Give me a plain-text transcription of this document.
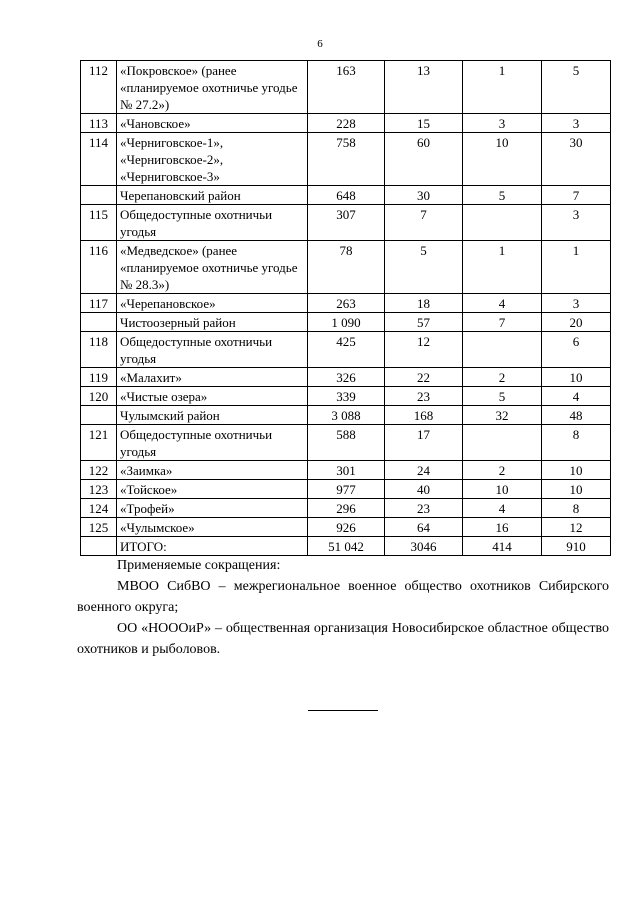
6
112	«Покровское» (ранее «планируемое охотничье угодье № 27.2»)	163	13	1	5
113	«Чановское»	228	15	3	3
114	«Черниговское-1», «Черниговское-2», «Черниговское-3»	758	60	10	30
	Черепановский район	648	30	5	7
115	Общедоступные охотничьи угодья	307	7		3
116	«Медведское» (ранее «планируемое охотничье угодье № 28.3»)	78	5	1	1
117	«Черепановское»	263	18	4	3
	Чистоозерный район	1 090	57	7	20
118	Общедоступные охотничьи угодья	425	12		6
119	«Малахит»	326	22	2	10
120	«Чистые озера»	339	23	5	4
	Чулымский район	3 088	168	32	48
121	Общедоступные охотничьи угодья	588	17		8
122	«Заимка»	301	24	2	10
123	«Тойское»	977	40	10	10
124	«Трофей»	296	23	4	8
125	«Чулымское»	926	64	16	12
	ИТОГО:	51 042	3046	414	910

Применяемые сокращения:

МВОО СибВО – межрегиональное военное общество охотников Сибирского военного округа;

ОО «НОООиР» – общественная организация Новосибирское областное общество охотников и рыболовов.
